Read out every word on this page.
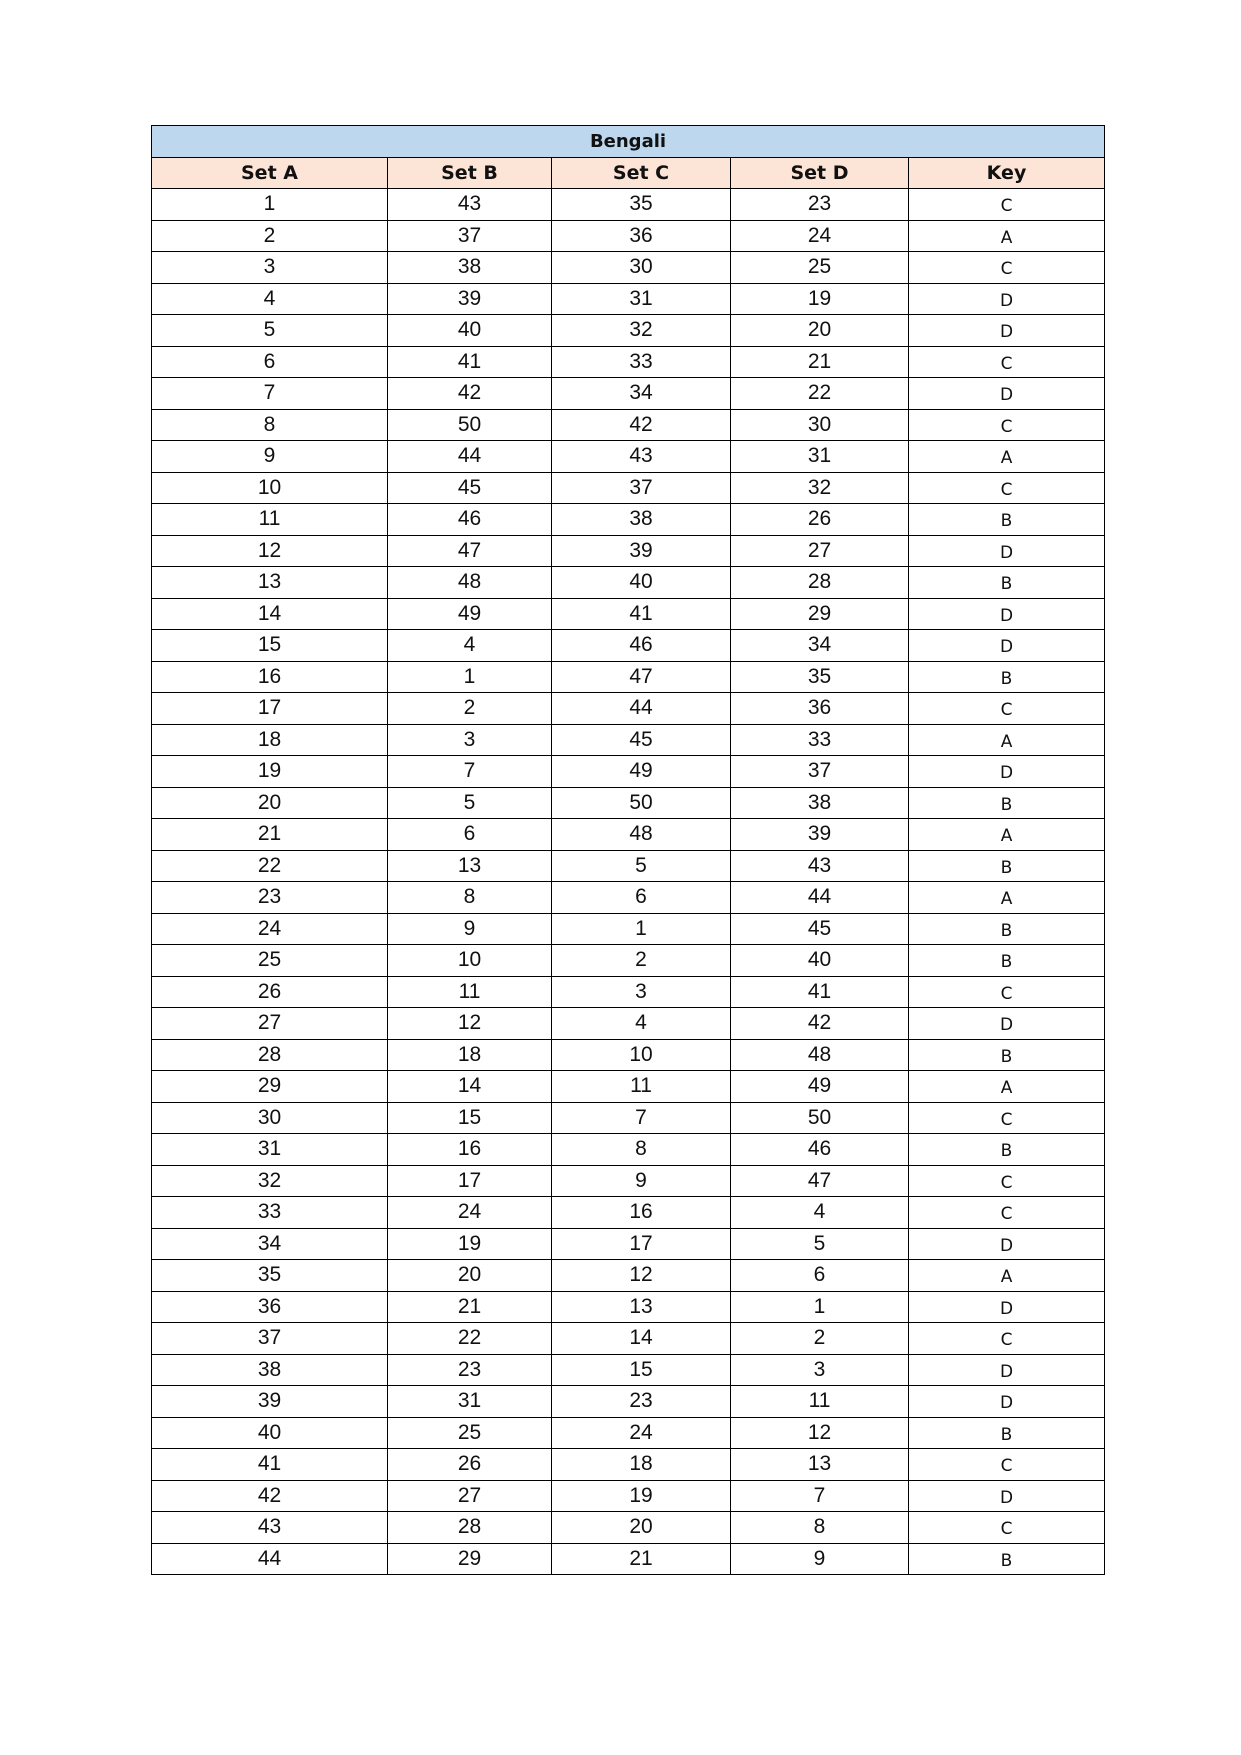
Bengali				
Set A	Set B	Set C	Set D	Key
1	43	35	23	C
2	37	36	24	A
3	38	30	25	C
4	39	31	19	D
5	40	32	20	D
6	41	33	21	C
7	42	34	22	D
8	50	42	30	C
9	44	43	31	A
10	45	37	32	C
11	46	38	26	B
12	47	39	27	D
13	48	40	28	B
14	49	41	29	D
15	4	46	34	D
16	1	47	35	B
17	2	44	36	C
18	3	45	33	A
19	7	49	37	D
20	5	50	38	B
21	6	48	39	A
22	13	5	43	B
23	8	6	44	A
24	9	1	45	B
25	10	2	40	B
26	11	3	41	C
27	12	4	42	D
28	18	10	48	B
29	14	11	49	A
30	15	7	50	C
31	16	8	46	B
32	17	9	47	C
33	24	16	4	C
34	19	17	5	D
35	20	12	6	A
36	21	13	1	D
37	22	14	2	C
38	23	15	3	D
39	31	23	11	D
40	25	24	12	B
41	26	18	13	C
42	27	19	7	D
43	28	20	8	C
44	29	21	9	B
